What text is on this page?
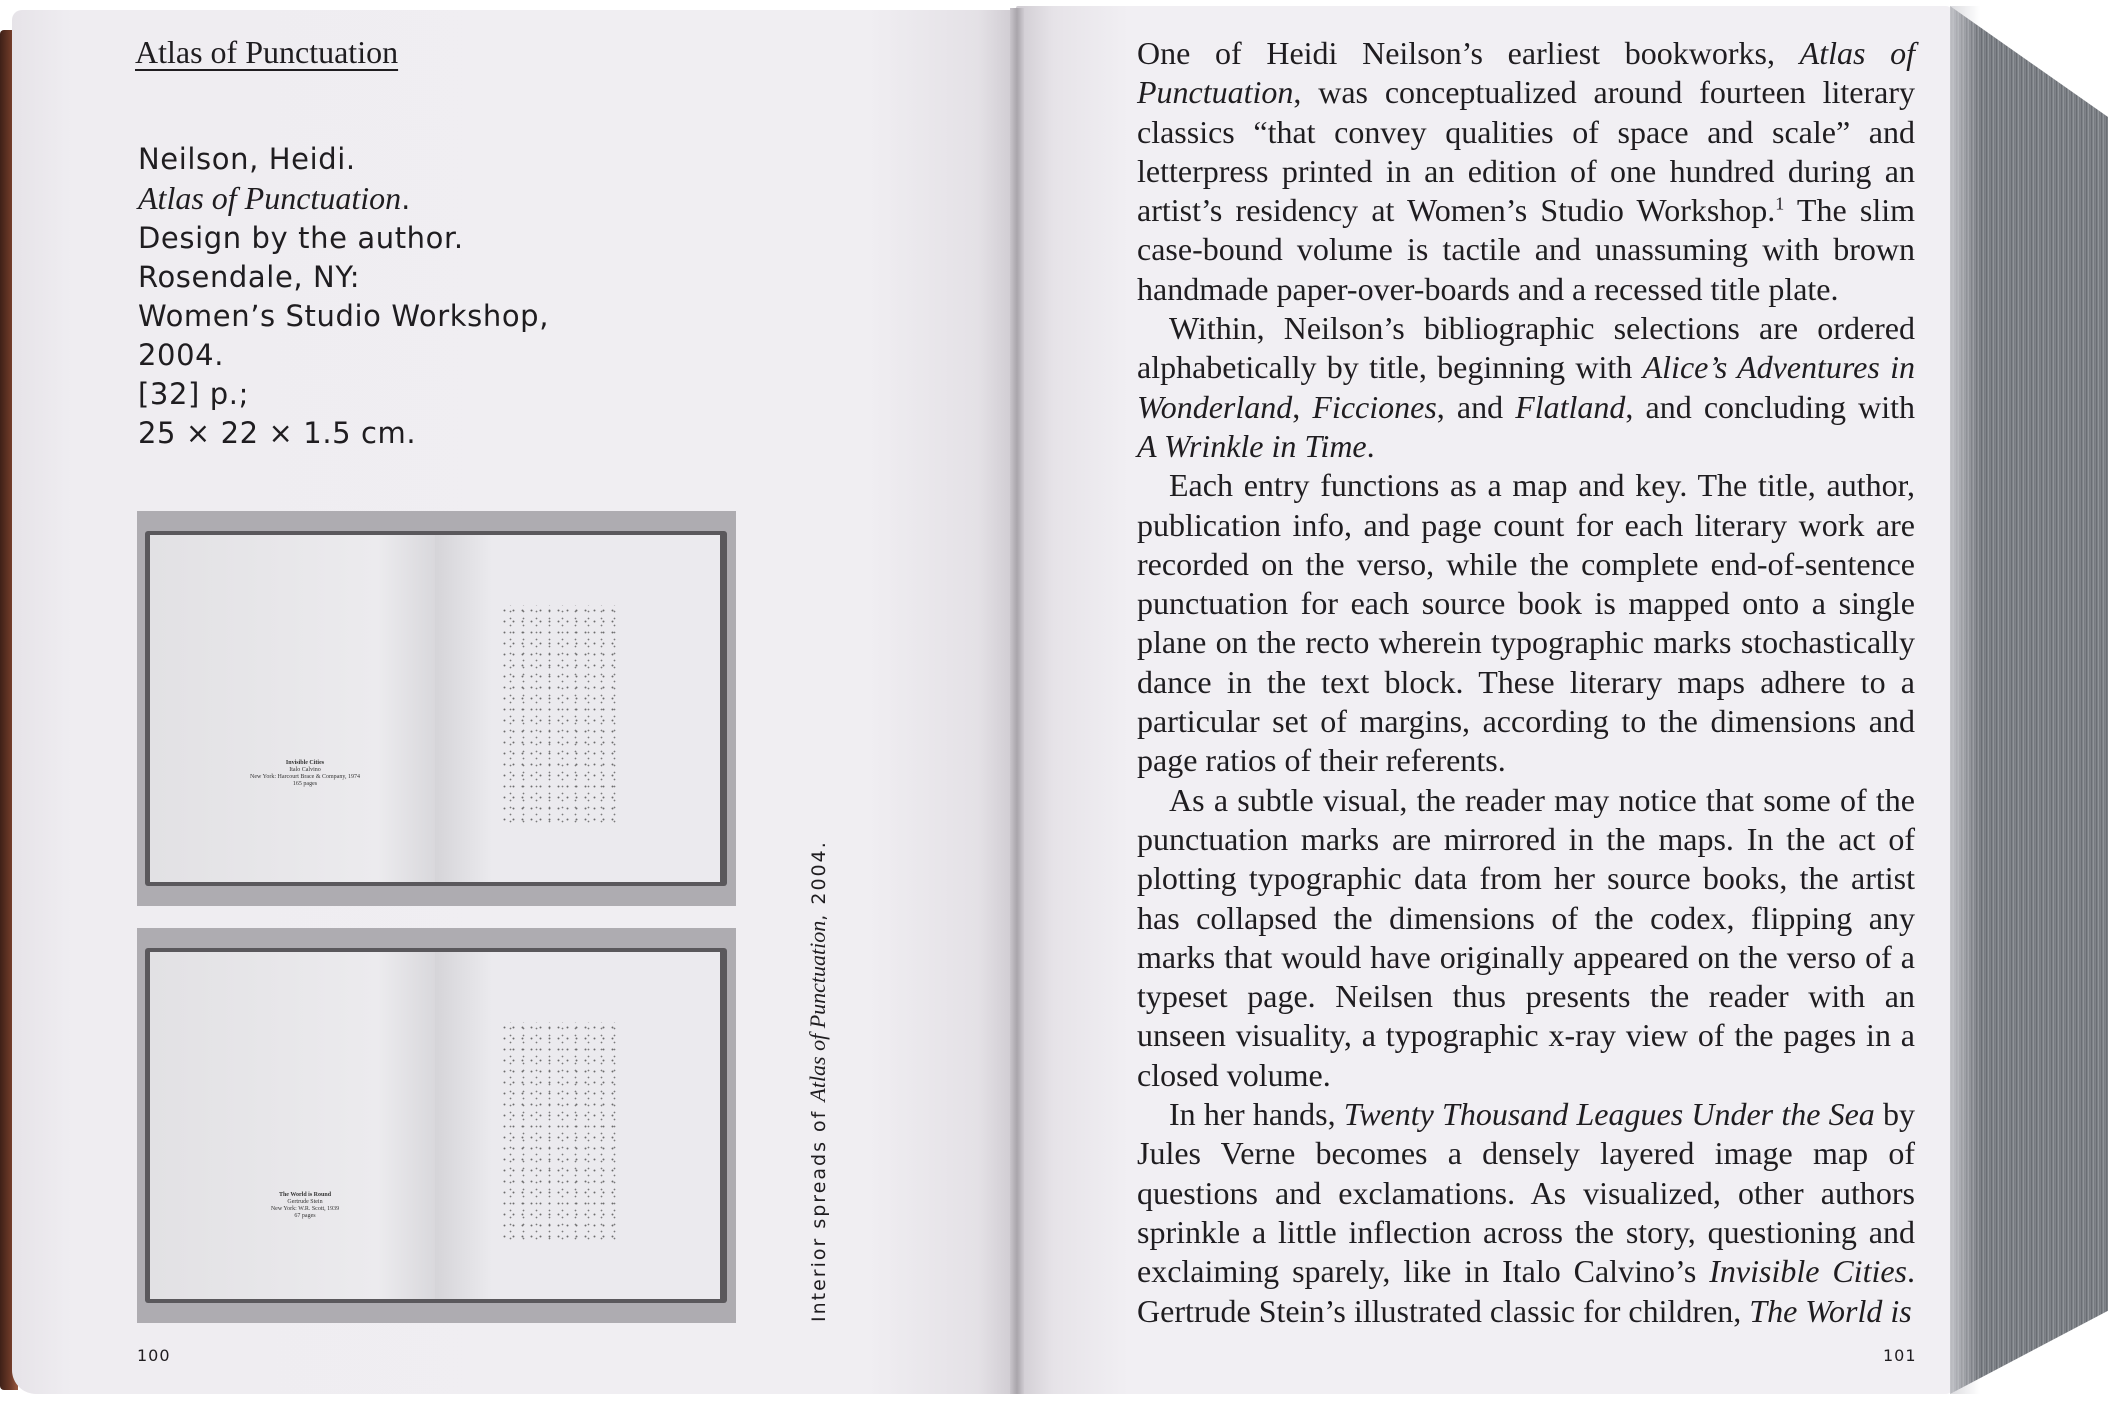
Atlas of Punctuation
Neilson, Heidi.
Atlas of Punctuation.
Design by the author.
Rosendale, NY:
Women’s Studio Workshop,
2004.
[32] p.;
25 × 22 × 1.5 cm.
Invisible Cities
Italo Calvino
New York: Harcourt Brace & Company, 1974
165 pages
The World is Round
Gertrude Stein
New York: W.R. Scott, 1939
67 pages	Interior spreads of Atlas of Punctuation, 2004.
100
One of Heidi Neilson’s earliest bookworks, Atlas of Punctuation, was conceptualized around fourteen literary classics “that convey qualities of space and scale” and letterpress printed in an edition of one hundred during an artist’s residency at Women’s Studio Workshop.$^1$ The slim case-bound volume is tactile and unassuming with brown handmade paper-over-boards and a recessed title plate.
Within, Neilson’s bibliographic selections are ordered alphabetically by title, beginning with Alice’s Adventures in Wonderland, Ficciones, and Flatland, and concluding with A Wrinkle in Time.
Each entry functions as a map and key. The title, author, publication info, and page count for each literary work are recorded on the verso, while the complete end-of-sentence punctuation for each source book is mapped onto a single plane on the recto wherein typographic marks stochastically dance in the text block. These literary maps adhere to a particular set of margins, according to the dimensions and page ratios of their referents.
As a subtle visual, the reader may notice that some of the punctuation marks are mirrored in the maps. In the act of plotting typographic data from her source books, the artist has collapsed the dimensions of the codex, flipping any marks that would have originally appeared on the verso of a typeset page. Neilsen thus presents the reader with an unseen visuality, a typographic x-ray view of the pages in a closed volume.
In her hands, Twenty Thousand Leagues Under the Sea by Jules Verne becomes a densely layered image map of questions and exclamations. As visualized, other authors sprinkle a little inflection across the story, questioning and exclaiming sparely, like in Italo Calvino’s Invisible Cities. Gertrude Stein’s illustrated classic for children, The World is
101
